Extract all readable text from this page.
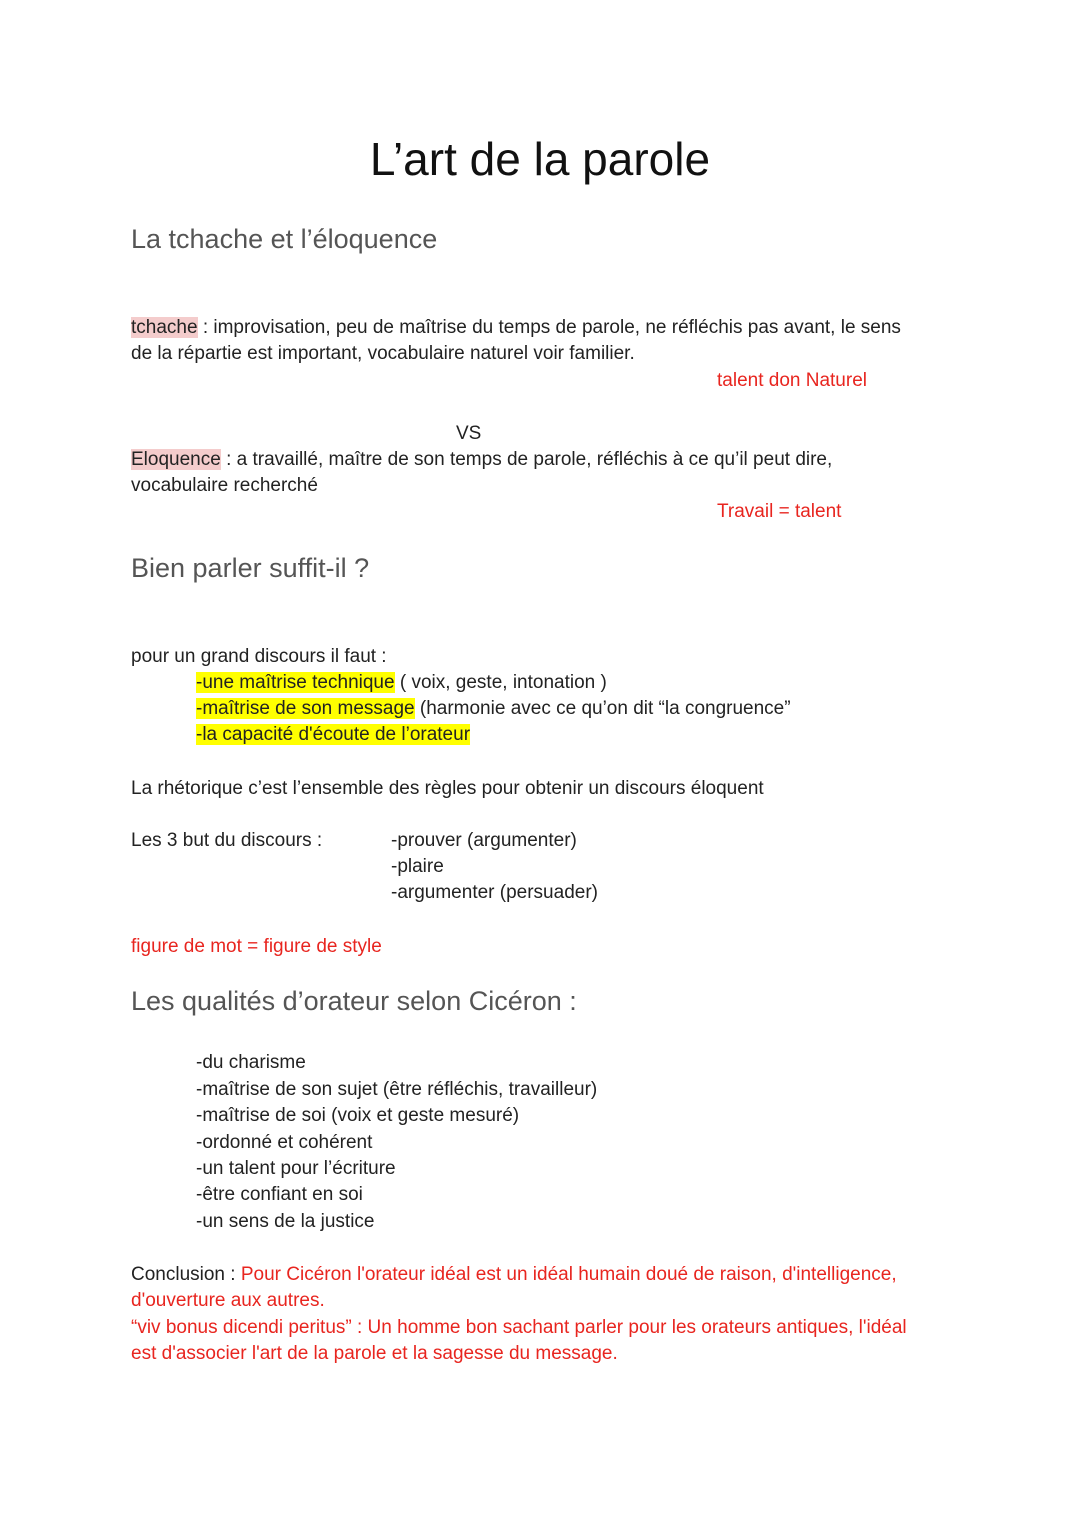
L’art de la parole
La tchache et l’éloquence
tchache : improvisation, peu de maîtrise du temps de parole, ne réfléchis pas avant, le sens
de la répartie est important, vocabulaire naturel voir familier.
talent don Naturel
VS
Eloquence : a travaillé, maître de son temps de parole, réfléchis à ce qu’il peut dire,
vocabulaire recherché
Travail = talent
Bien parler suffit-il ?
pour un grand discours il faut :
-une maîtrise technique ( voix, geste, intonation )
-maîtrise de son message (harmonie avec ce qu’on dit “la congruence”
-la capacité d'écoute de l’orateur
La rhétorique c’est l’ensemble des règles pour obtenir un discours éloquent
Les 3 but du discours :	-prouver (argumenter)
-plaire
-argumenter (persuader)
figure de mot = figure de style
Les qualités d’orateur selon Cicéron :
-du charisme
-maîtrise de son sujet (être réfléchis, travailleur)
-maîtrise de soi (voix et geste mesuré)
-ordonné et cohérent
-un talent pour l’écriture
-être confiant en soi
-un sens de la justice
Conclusion : Pour Cicéron l'orateur idéal est un idéal humain doué de raison, d'intelligence,
d'ouverture aux autres.
“viv bonus dicendi peritus” : Un homme bon sachant parler pour les orateurs antiques, l'idéal
est d'associer l'art de la parole et la sagesse du message.
